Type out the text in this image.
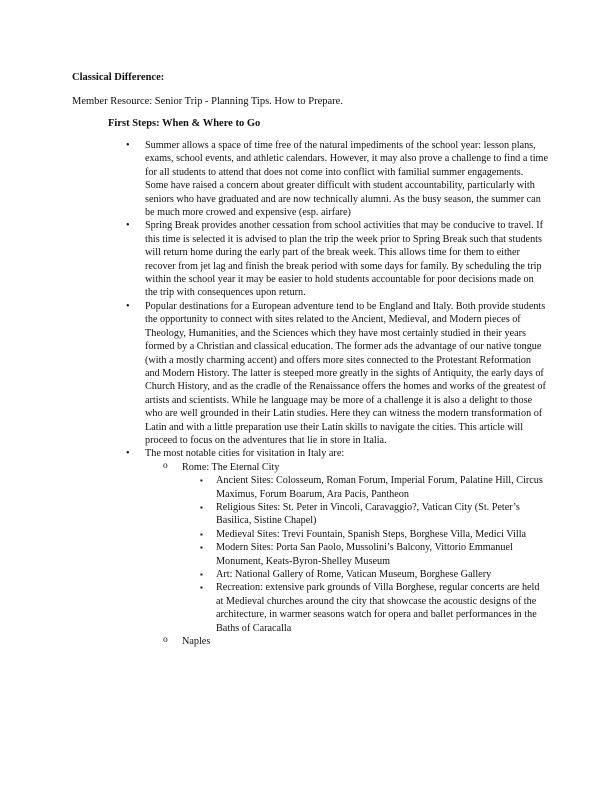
Classical Difference:
Member Resource: Senior Trip - Planning Tips. How to Prepare.
First Steps: When & Where to Go
• Summer allows a space of time free of the natural impediments of the school year: lesson plans, exams, school events, and athletic calendars. However, it may also prove a challenge to find a time for all students to attend that does not come into conflict with familial summer engagements. Some have raised a concern about greater difficult with student accountability, particularly with seniors who have graduated and are now technically alumni. As the busy season, the summer can be much more crowed and expensive (esp. airfare)
• Spring Break provides another cessation from school activities that may be conducive to travel. If this time is selected it is advised to plan the trip the week prior to Spring Break such that students will return home during the early part of the break week. This allows time for them to either recover from jet lag and finish the break period with some days for family. By scheduling the trip within the school year it may be easier to hold students accountable for poor decisions made on the trip with consequences upon return.
• Popular destinations for a European adventure tend to be England and Italy. Both provide students the opportunity to connect with sites related to the Ancient, Medieval, and Modern pieces of Theology, Humanities, and the Sciences which they have most certainly studied in their years formed by a Christian and classical education. The former ads the advantage of our native tongue (with a mostly charming accent) and offers more sites connected to the Protestant Reformation and Modern History. The latter is steeped more greatly in the sights of Antiquity, the early days of Church History, and as the cradle of the Renaissance offers the homes and works of the greatest of artists and scientists. While he language may be more of a challenge it is also a delight to those who are well grounded in their Latin studies. Here they can witness the modern transformation of Latin and with a little preparation use their Latin skills to navigate the cities. This article will proceed to focus on the adventures that lie in store in Italia.
• The most notable cities for visitation in Italy are:
o Rome: The Eternal City
▪ Ancient Sites: Colosseum, Roman Forum, Imperial Forum, Palatine Hill, Circus Maximus, Forum Boarum, Ara Pacis, Pantheon
▪ Religious Sites: St. Peter in Vincoli, Caravaggio?, Vatican City (St. Peter’s Basilica, Sistine Chapel)
▪ Medieval Sites: Trevi Fountain, Spanish Steps, Borghese Villa, Medici Villa
▪ Modern Sites: Porta San Paolo, Mussolini’s Balcony, Vittorio Emmanuel Monument, Keats-Byron-Shelley Museum
▪ Art: National Gallery of Rome, Vatican Museum, Borghese Gallery
▪ Recreation: extensive park grounds of Villa Borghese, regular concerts are held at Medieval churches around the city that showcase the acoustic designs of the architecture, in warmer seasons watch for opera and ballet performances in the Baths of Caracalla
o Naples
